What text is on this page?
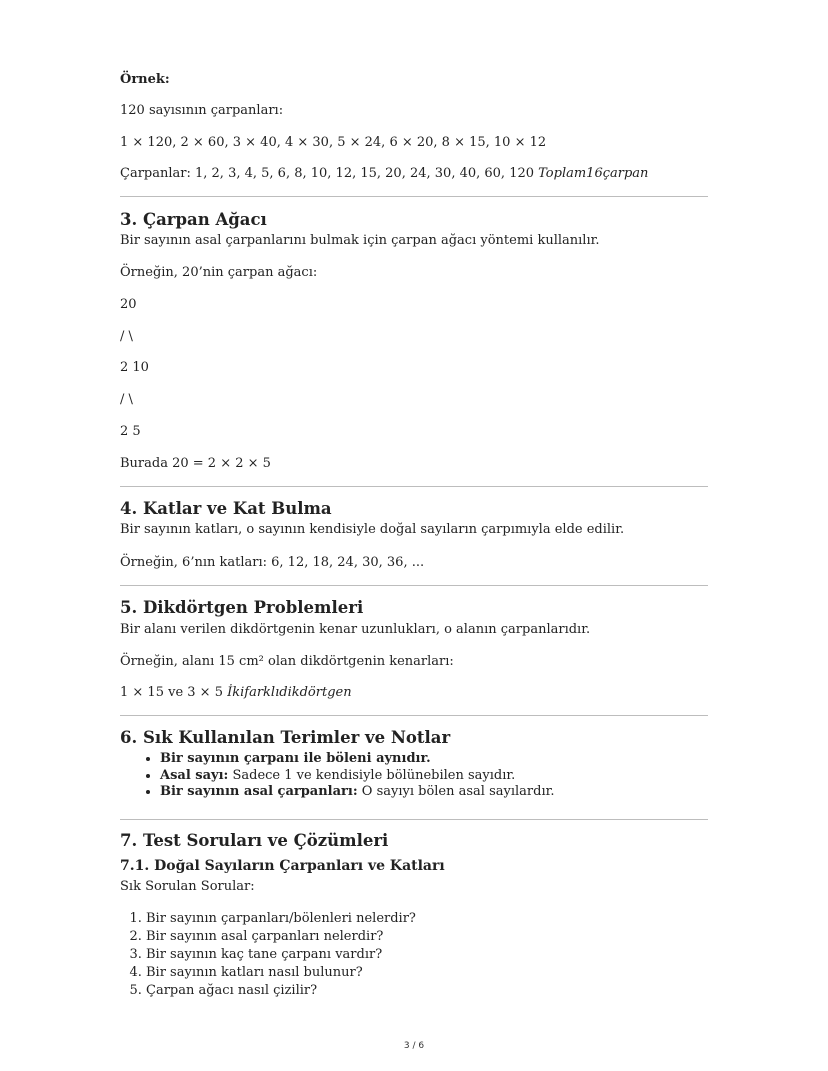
Örnek:

120 sayısının çarpanları:

1 × 120, 2 × 60, 3 × 40, 4 × 30, 5 × 24, 6 × 20, 8 × 15, 10 × 12

Çarpanlar: 1, 2, 3, 4, 5, 6, 8, 10, 12, 15, 20, 24, 30, 40, 60, 120 Toplam16çarpan

3. Çarpan Ağacı

Bir sayının asal çarpanlarını bulmak için çarpan ağacı yöntemi kullanılır.

Örneğin, 20’nin çarpan ağacı:

20

/ \

2 10

/ \

2 5

Burada 20 = 2 × 2 × 5

4. Katlar ve Kat Bulma

Bir sayının katları, o sayının kendisiyle doğal sayıların çarpımıyla elde edilir.

Örneğin, 6’nın katları: 6, 12, 18, 24, 30, 36, ...

5. Dikdörtgen Problemleri

Bir alanı verilen dikdörtgenin kenar uzunlukları, o alanın çarpanlarıdır.

Örneğin, alanı 15 cm² olan dikdörtgenin kenarları:

1 × 15 ve 3 × 5 İkifarklıdikdörtgen

6. Sık Kullanılan Terimler ve Notlar
• Bir sayının çarpanı ile böleni aynıdır.
• Asal sayı: Sadece 1 ve kendisiyle bölünebilen sayıdır.
• Bir sayının asal çarpanları: O sayıyı bölen asal sayılardır.
7. Test Soruları ve Çözümleri
7.1. Doğal Sayıların Çarpanları ve Katları

Sık Sorulan Sorular:

1. Bir sayının çarpanları/bölenleri nelerdir?
2. Bir sayının asal çarpanları nelerdir?
3. Bir sayının kaç tane çarpanı vardır?
4. Bir sayının katları nasıl bulunur?
5. Çarpan ağacı nasıl çizilir?
3 / 6
